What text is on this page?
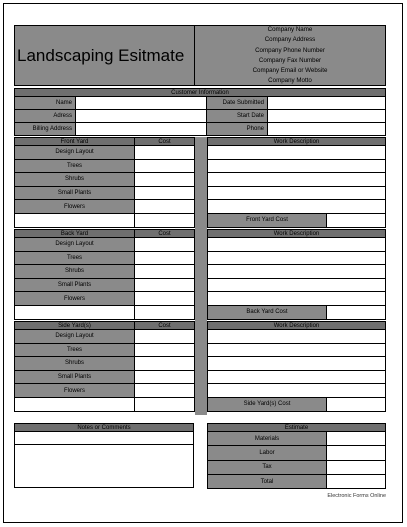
Landscaping Esitmate
Company Name
Company Address
Company Phone Number
Company Fax Number
Company Email or Website
Company Motto
Customer Information
Notes or Comments	Estimate
Electronic Forms Online
Name	Date Submitted
Adress	Start Date
Billing Address	Phone
Front Yard	Cost	Work Description
Design Layout
Trees
Shrubs
Small Plants
Flowers
Front Yard Cost
Back Yard	Cost	Work Description
Design Layout
Trees
Shrubs
Small Plants
Flowers
Back Yard Cost
Side Yard(s)	Cost	Work Description
Design Layout
Trees
Shrubs
Small Plants
Flowers
Side Yard(s) Cost
Materials
Labor
Tax
Total
